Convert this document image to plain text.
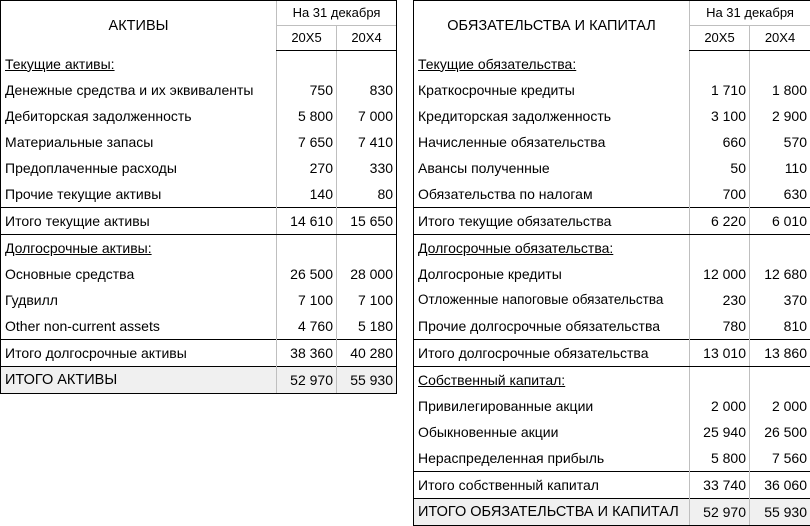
АКТИВЫ	На 31 декабря	
	20X5	20X4
Текущие активы:		
Денежные средства и их эквиваленты	750	830
Дебиторская задолженность	5 800	7 000
Материальные запасы	7 650	7 410
Предоплаченные расходы	270	330
Прочие текущие активы	140	80
Итого текущие активы	14 610	15 650
Долгосрочные активы:		
Основные средства	26 500	28 000
Гудвилл	7 100	7 100
Other non-current assets	4 760	5 180
Итого долгосрочные активы	38 360	40 280
ИТОГО АКТИВЫ	52 970	55 930
ОБЯЗАТЕЛЬСТВА И КАПИТАЛ	На 31 декабря	
	20X5	20X4
Текущие обязательства:		
Краткосрочные кредиты	1 710	1 800
Кредиторская задолженность	3 100	2 900
Начисленные обязательства	660	570
Авансы полученные	50	110
Обязательства по налогам	700	630
Итого текущие обязательства	6 220	6 010
Долгосрочные обязательства:		
Долгосроные кредиты	12 000	12 680
Отложенные напоговые обязательства	230	370
Прочие долгосрочные обязательства	780	810
Итого долгосрочные обязательства	13 010	13 860
Собственный капитал:		
Привилегированные акции	2 000	2 000
Обыкновенные акции	25 940	26 500
Нераспределенная прибыль	5 800	7 560
Итого собственный капитал	33 740	36 060
ИТОГО ОБЯЗАТЕЛЬСТВА И КАПИТАЛ	52 970	55 930
